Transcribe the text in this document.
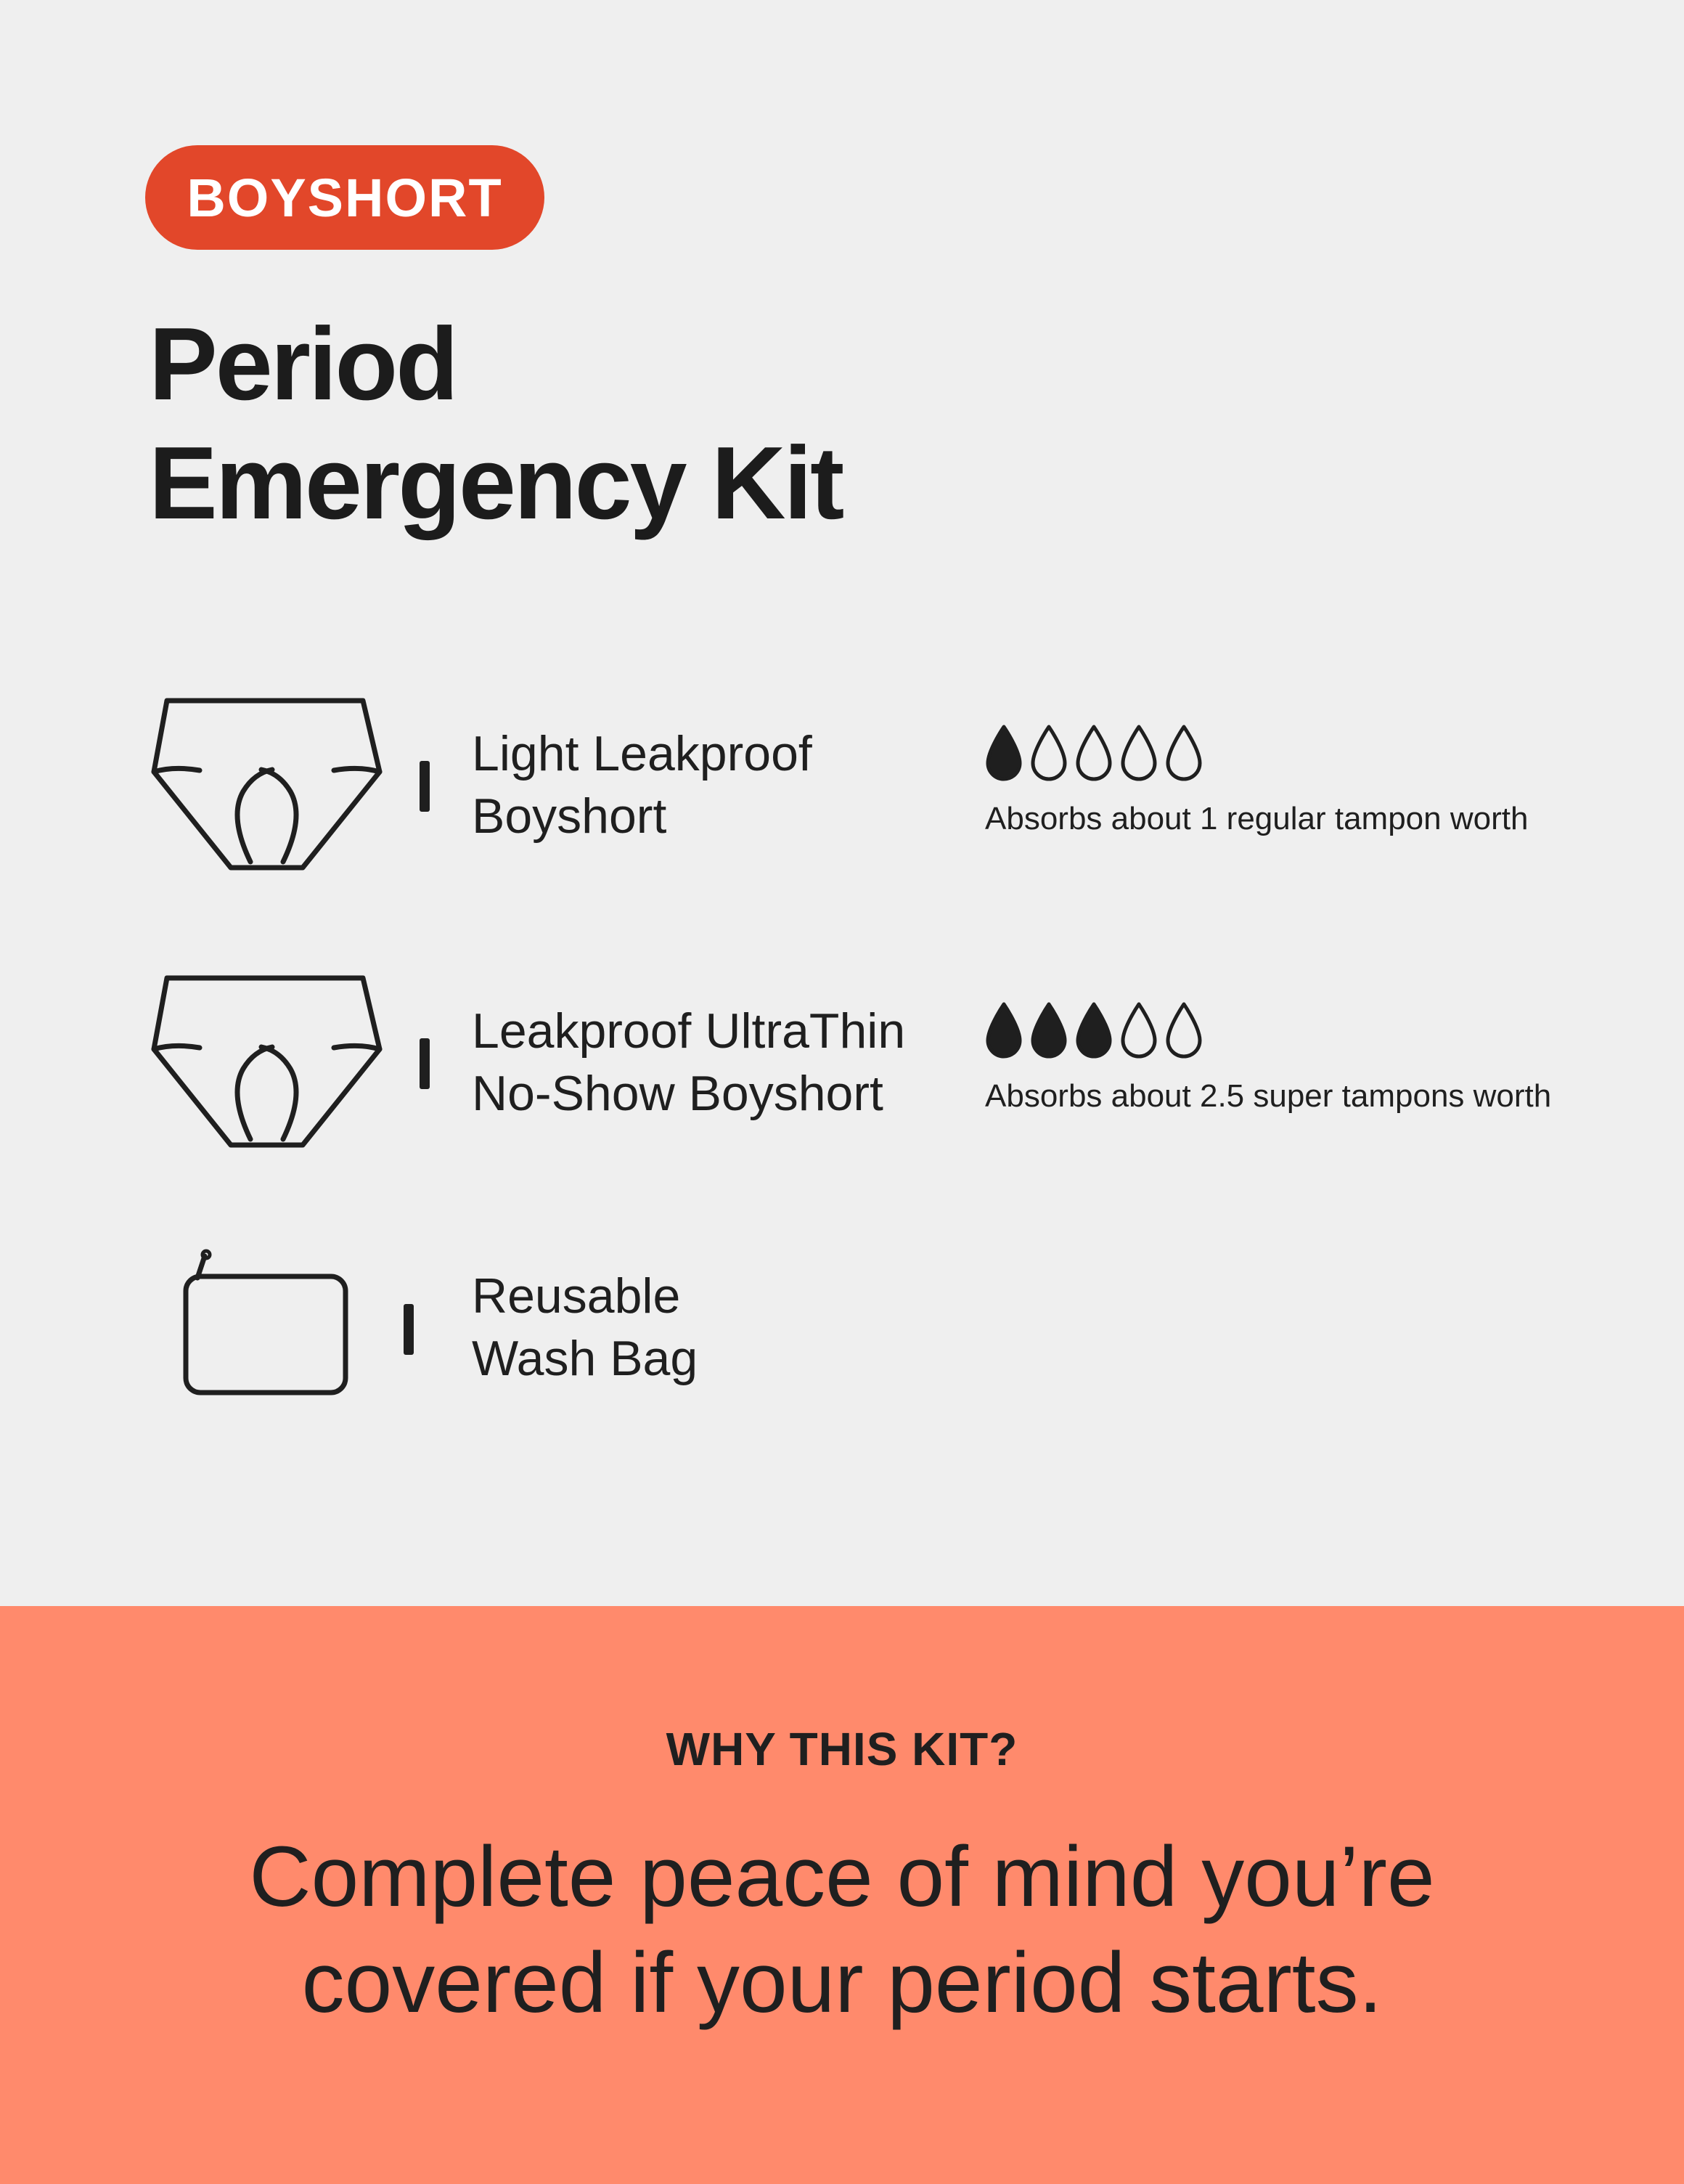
BOYSHORT
Period
Emergency Kit
Light Leakproof
Boyshort	Absorbs about 1 regular tampon worth
Leakproof UltraThin
No-Show Boyshort	Absorbs about 2.5 super tampons worth
Reusable
Wash Bag
WHY THIS KIT?
Complete peace of mind you’re
covered if your period starts.
